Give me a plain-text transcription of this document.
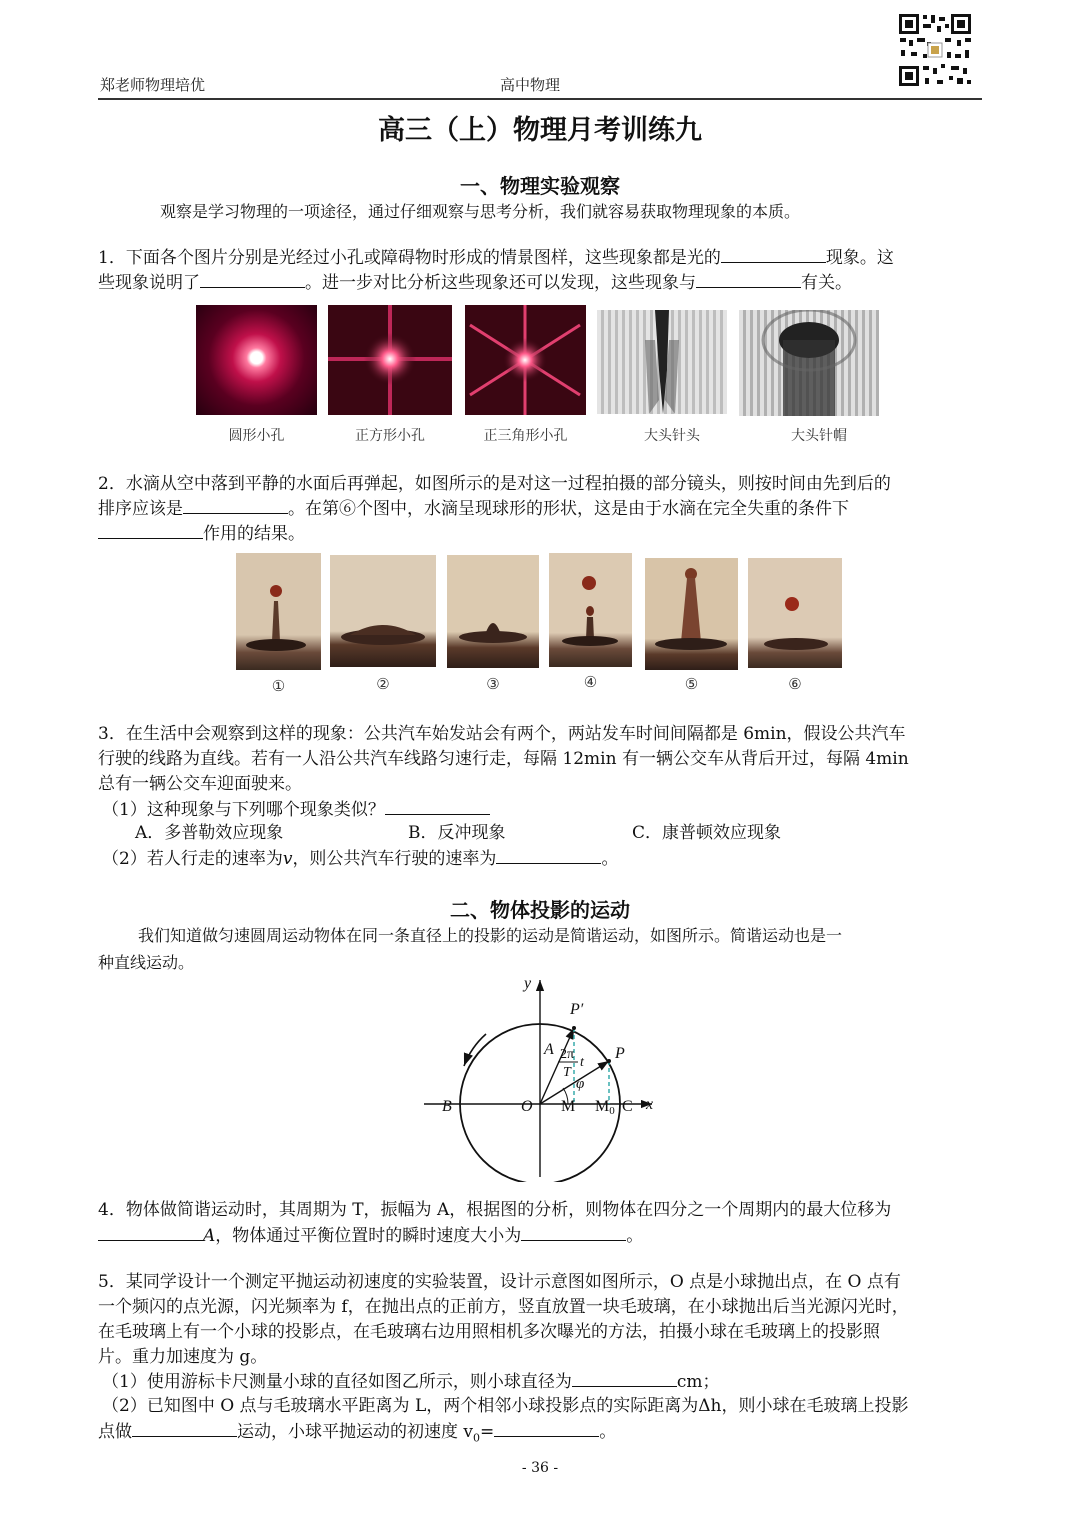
郑老师物理培优	高中物理
高三（上）物理月考训练九
一、物理实验观察
观察是学习物理的一项途径，通过仔细观察与思考分析，我们就容易获取物理现象的本质。
1．下面各个图片分别是光经过小孔或障碍物时形成的情景图样，这些现象都是光的	现象。这
些现象说明了	。进一步对比分析这些现象还可以发现，这些现象与	有关。
圆形小孔	正方形小孔	正三角形小孔	大头针头	大头针帽
2．水滴从空中落到平静的水面后再弹起，如图所示的是对这一过程拍摄的部分镜头，则按时间由先到后的
排序应该是	。在第⑥个图中，水滴呈现球形的形状，这是由于水滴在完全失重的条件下
作用的结果。
①	②	③	④	⑤	⑥
3．在生活中会观察到这样的现象：公共汽车始发站会有两个，两站发车时间间隔都是 6min，假设公共汽车
行驶的线路为直线。若有一人沿公共汽车线路匀速行走，每隔 12min 有一辆公交车从背后开过，每隔 4min
总有一辆公交车迎面驶来。
（1）这种现象与下列哪个现象类似？
A．多普勒效应现象	B．反冲现象	C．康普顿效应现象
（2）若人行走的速率为v，则公共汽车行驶的速率为	。
二、物体投影的运动
我们知道做匀速圆周运动物体在同一条直径上的投影的运动是简谐运动，如图所示。简谐运动也是一
种直线运动。
y
x
P′
P
A 2π
T
t
φ
B	O M M0 C
4．物体做简谐运动时，其周期为 T，振幅为 A，根据图的分析，则物体在四分之一个周期内的最大位移为
A，物体通过平衡位置时的瞬时速度大小为	。
5．某同学设计一个测定平抛运动初速度的实验装置，设计示意图如图所示，O 点是小球抛出点，在 O 点有
一个频闪的点光源，闪光频率为 f，在抛出点的正前方，竖直放置一块毛玻璃，在小球抛出后当光源闪光时，
在毛玻璃上有一个小球的投影点，在毛玻璃右边用照相机多次曝光的方法，拍摄小球在毛玻璃上的投影照
片。重力加速度为 g。
（1）使用游标卡尺测量小球的直径如图乙所示，则小球直径为	cm；
（2）已知图中 O 点与毛玻璃水平距离为 L，两个相邻小球投影点的实际距离为Δh，则小球在毛玻璃上投影
点做	运动，小球平抛运动的初速度 $v_0=$	。
- 36 -
